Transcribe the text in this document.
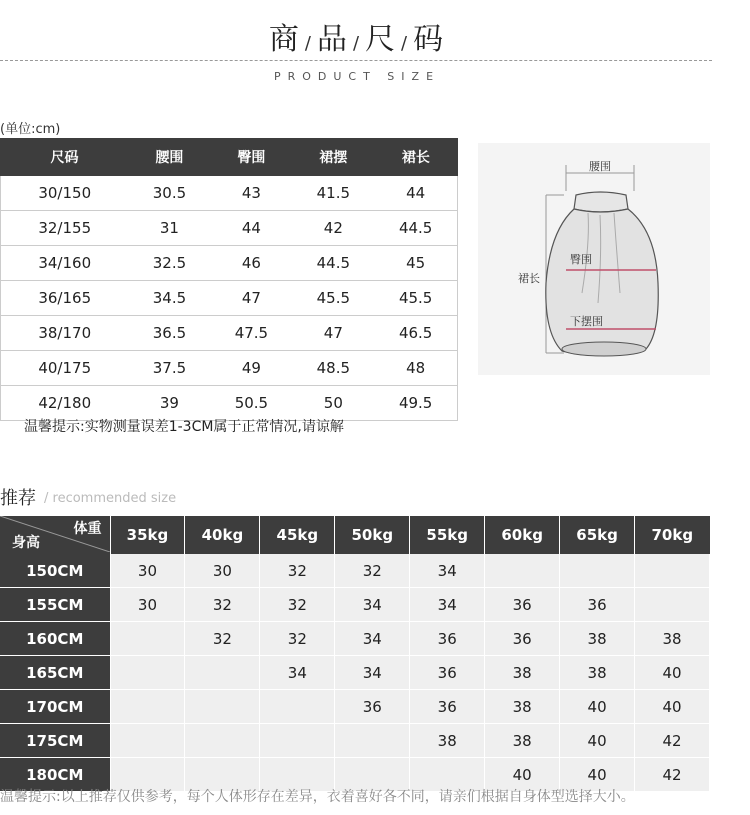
商 / 品 / 尺 / 码
PRODUCT SIZE
(单位:cm)
尺码	腰围	臀围	裙摆	裙长
30/150	30.5	43	41.5	44
32/155	31	44	42	44.5
34/160	32.5	46	44.5	45
36/165	34.5	47	45.5	45.5
38/170	36.5	47.5	47	46.5
40/175	37.5	49	48.5	48
42/180	39	50.5	50	49.5
腰围
裙长
臀围
下摆围
温馨提示:实物测量误差1-3CM属于正常情况,请谅解
推荐 / recommended size
体重
身高	35kg	40kg	45kg	50kg	55kg	60kg	65kg	70kg
150CM	30	30	32	32	34			
155CM	30	32	32	34	34	36	36	
160CM		32	32	34	36	36	38	38
165CM			34	34	36	38	38	40
170CM				36	36	38	40	40
175CM					38	38	40	42
180CM						40	40	42
温馨提示:以上推荐仅供参考，每个人体形存在差异，衣着喜好各不同，请亲们根据自身体型选择大小。
